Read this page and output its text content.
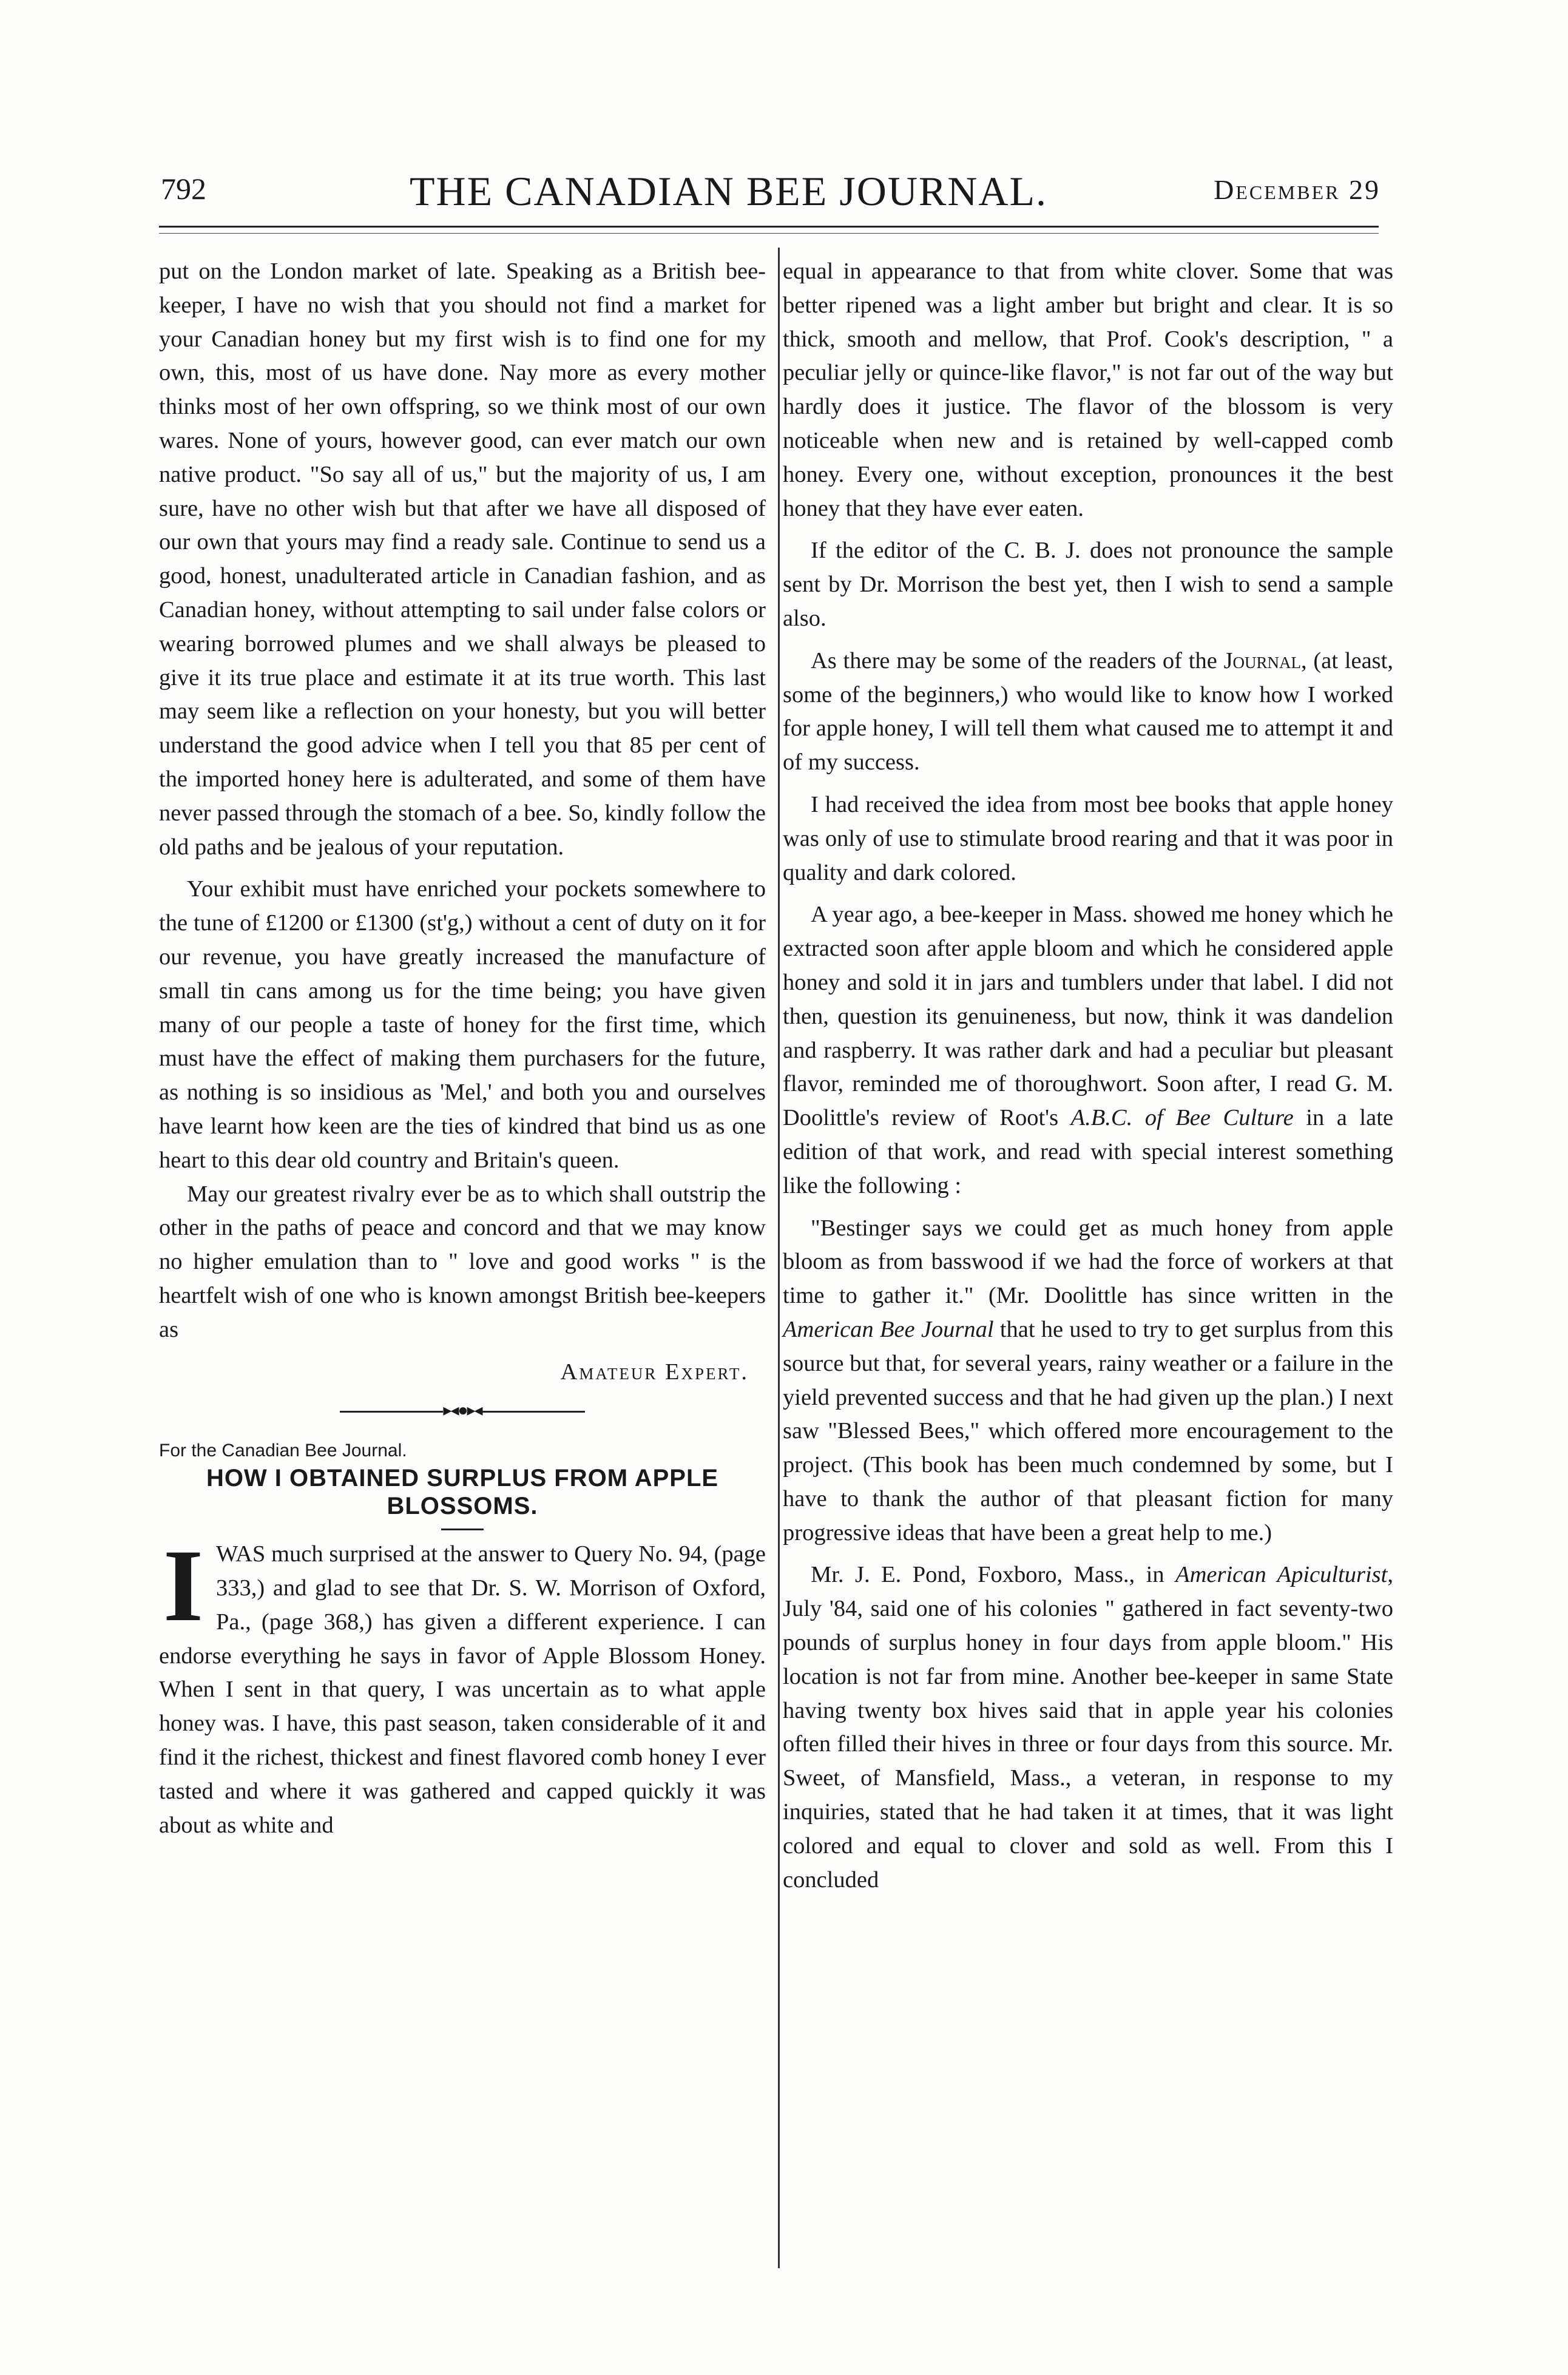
792	THE CANADIAN BEE JOURNAL.	December 29

put on the London market of late. Speaking as a British bee-keeper, I have no wish that you should not find a market for your Canadian honey but my first wish is to find one for my own, this, most of us have done. Nay more as every mother thinks most of her own offspring, so we think most of our own wares. None of yours, however good, can ever match our own native product. "So say all of us," but the majority of us, I am sure, have no other wish but that after we have all disposed of our own that yours may find a ready sale. Continue to send us a good, honest, unadulterated article in Canadian fashion, and as Canadian honey, without attempting to sail under false colors or wearing borrowed plumes and we shall always be pleased to give it its true place and estimate it at its true worth. This last may seem like a reflection on your honesty, but you will better understand the good advice when I tell you that 85 per cent of the imported honey here is adulterated, and some of them have never passed through the stomach of a bee. So, kindly follow the old paths and be jealous of your reputation.

Your exhibit must have enriched your pockets somewhere to the tune of £1200 or £1300 (st'g,) without a cent of duty on it for our revenue, you have greatly increased the manufacture of small tin cans among us for the time being; you have given many of our people a taste of honey for the first time, which must have the effect of making them purchasers for the future, as nothing is so insidious as 'Mel,' and both you and ourselves have learnt how keen are the ties of kindred that bind us as one heart to this dear old country and Britain's queen.

May our greatest rivalry ever be as to which shall outstrip the other in the paths of peace and concord and that we may know no higher emulation than to " love and good works " is the heartfelt wish of one who is known amongst British bee-keepers as

Amateur Expert.

▸◂●▸◂

For the Canadian Bee Journal.

HOW I OBTAINED SURPLUS FROM APPLE BLOSSOMS.

IWAS much surprised at the answer to Query No. 94, (page 333,) and glad to see that Dr. S. W. Morrison of Oxford, Pa., (page 368,) has given a different experience. I can endorse everything he says in favor of Apple Blossom Honey. When I sent in that query, I was uncertain as to what apple honey was. I have, this past season, taken considerable of it and find it the richest, thickest and finest flavored comb honey I ever tasted and where it was gathered and capped quickly it was about as white and

equal in appearance to that from white clover. Some that was better ripened was a light amber but bright and clear. It is so thick, smooth and mellow, that Prof. Cook's description, " a peculiar jelly or quince-like flavor," is not far out of the way but hardly does it justice. The flavor of the blossom is very noticeable when new and is retained by well-capped comb honey. Every one, without exception, pronounces it the best honey that they have ever eaten.

If the editor of the C. B. J. does not pronounce the sample sent by Dr. Morrison the best yet, then I wish to send a sample also.

As there may be some of the readers of the Journal, (at least, some of the beginners,) who would like to know how I worked for apple honey, I will tell them what caused me to attempt it and of my success.

I had received the idea from most bee books that apple honey was only of use to stimulate brood rearing and that it was poor in quality and dark colored.

A year ago, a bee-keeper in Mass. showed me honey which he extracted soon after apple bloom and which he considered apple honey and sold it in jars and tumblers under that label. I did not then, question its genuineness, but now, think it was dandelion and raspberry. It was rather dark and had a peculiar but pleasant flavor, reminded me of thoroughwort. Soon after, I read G. M. Doolittle's review of Root's A.B.C. of Bee Culture in a late edition of that work, and read with special interest something like the following :

"Bestinger says we could get as much honey from apple bloom as from basswood if we had the force of workers at that time to gather it." (Mr. Doolittle has since written in the American Bee Journal that he used to try to get surplus from this source but that, for several years, rainy weather or a failure in the yield prevented success and that he had given up the plan.) I next saw "Blessed Bees," which offered more encouragement to the project. (This book has been much condemned by some, but I have to thank the author of that pleasant fiction for many progressive ideas that have been a great help to me.)

Mr. J. E. Pond, Foxboro, Mass., in American Apiculturist, July '84, said one of his colonies " gathered in fact seventy-two pounds of surplus honey in four days from apple bloom." His location is not far from mine. Another bee-keeper in same State having twenty box hives said that in apple year his colonies often filled their hives in three or four days from this source. Mr. Sweet, of Mansfield, Mass., a veteran, in response to my inquiries, stated that he had taken it at times, that it was light colored and equal to clover and sold as well. From this I concluded
